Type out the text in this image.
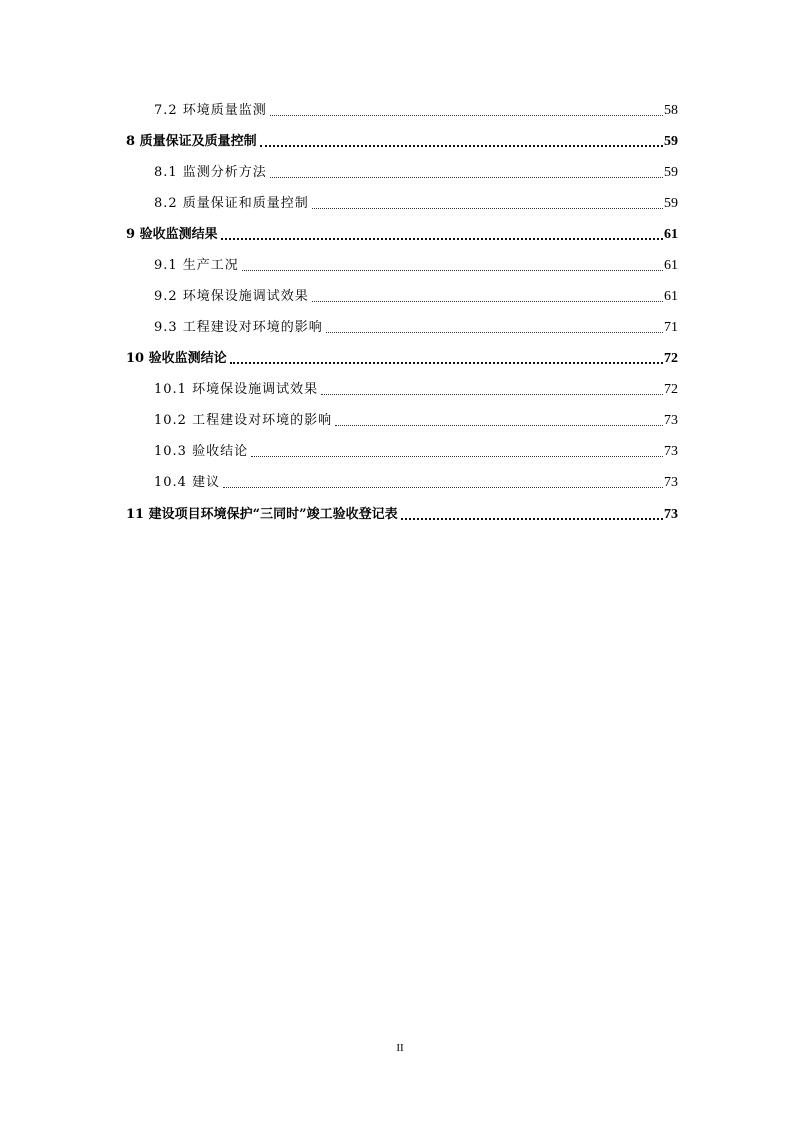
7.2 环境质量监测	58
8 质量保证及质量控制	59
8.1 监测分析方法	59
8.2 质量保证和质量控制	59
9 验收监测结果	61
9.1 生产工况	61
9.2 环境保设施调试效果	61
9.3 工程建设对环境的影响	71
10 验收监测结论	72
10.1 环境保设施调试效果	72
10.2 工程建设对环境的影响	73
10.3 验收结论	73
10.4 建议	73
11 建设项目环境保护“三同时”竣工验收登记表	73
II
